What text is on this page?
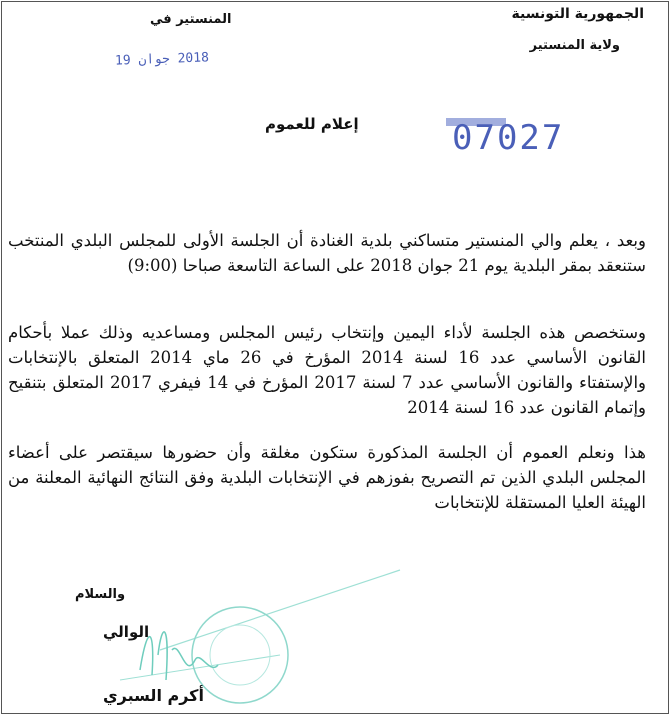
الجمهورية التونسية
ولاية المنستير
المنستير في
2018 جوان 19
07027
إعلام للعموم
وبعد ، يعلم والي المنستير متساكني بلدية الغنادة أن الجلسة الأولى للمجلس البلدي المنتخب ستنعقد بمقر البلدية يوم 21 جوان 2018 على الساعة التاسعة صباحا (9:00)
وستخصص هذه الجلسة لأداء اليمين وإنتخاب رئيس المجلس ومساعديه وذلك عملا بأحكام القانون الأساسي عدد 16 لسنة 2014 المؤرخ في 26 ماي 2014 المتعلق بالإنتخابات والإستفتاء والقانون الأساسي عدد 7 لسنة 2017 المؤرخ في 14 فيفري 2017 المتعلق بتنقيح وإتمام القانون عدد 16 لسنة 2014
هذا ونعلم العموم أن الجلسة المذكورة ستكون مغلقة وأن حضورها سيقتصر على أعضاء المجلس البلدي الذين تم التصريح بفوزهم في الإنتخابات البلدية وفق النتائج النهائية المعلنة من الهيئة العليا المستقلة للإنتخابات
والسلام
الوالي
أكرم السبري
